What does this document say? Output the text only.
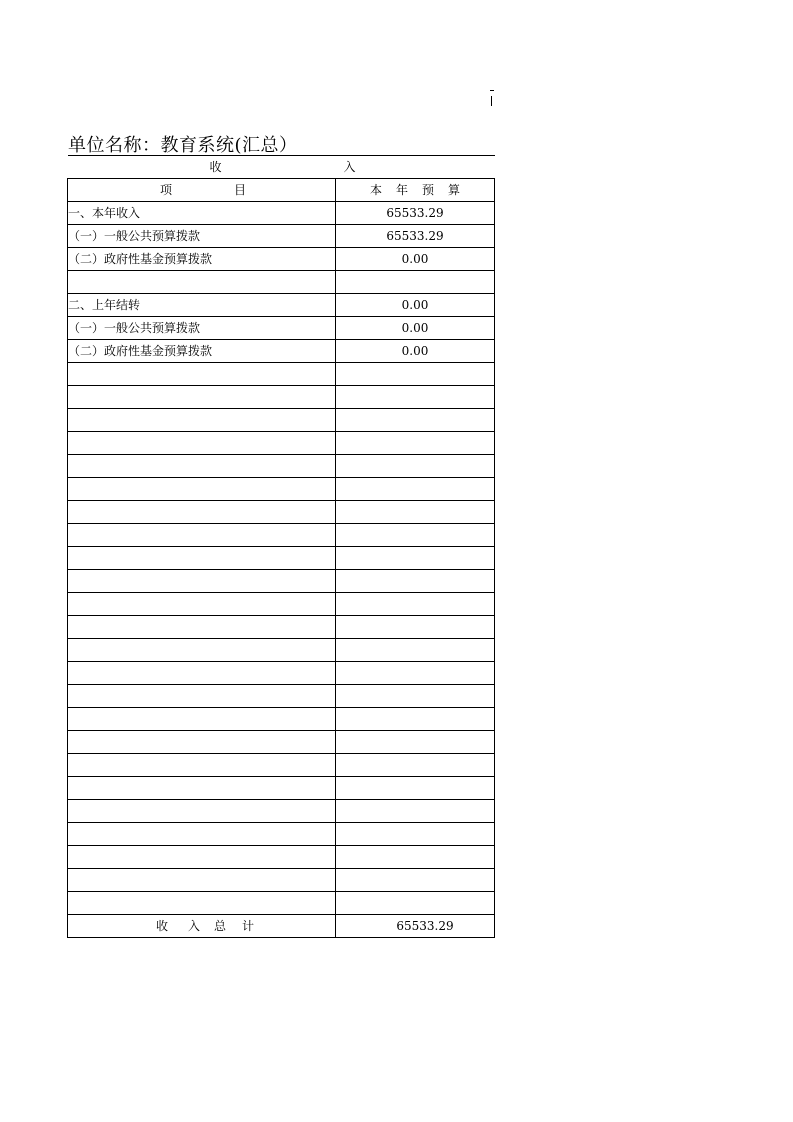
单位名称：教育系统(汇总）
收 入	

项 目	本年预算
一、本年收入	65533.29
（一）一般公共预算拨款	65533.29
（二）政府性基金预算拨款	0.00

二、上年结转	0.00
（一）一般公共预算拨款	0.00
（二）政府性基金预算拨款	0.00

收 入 总 计	65533.29
